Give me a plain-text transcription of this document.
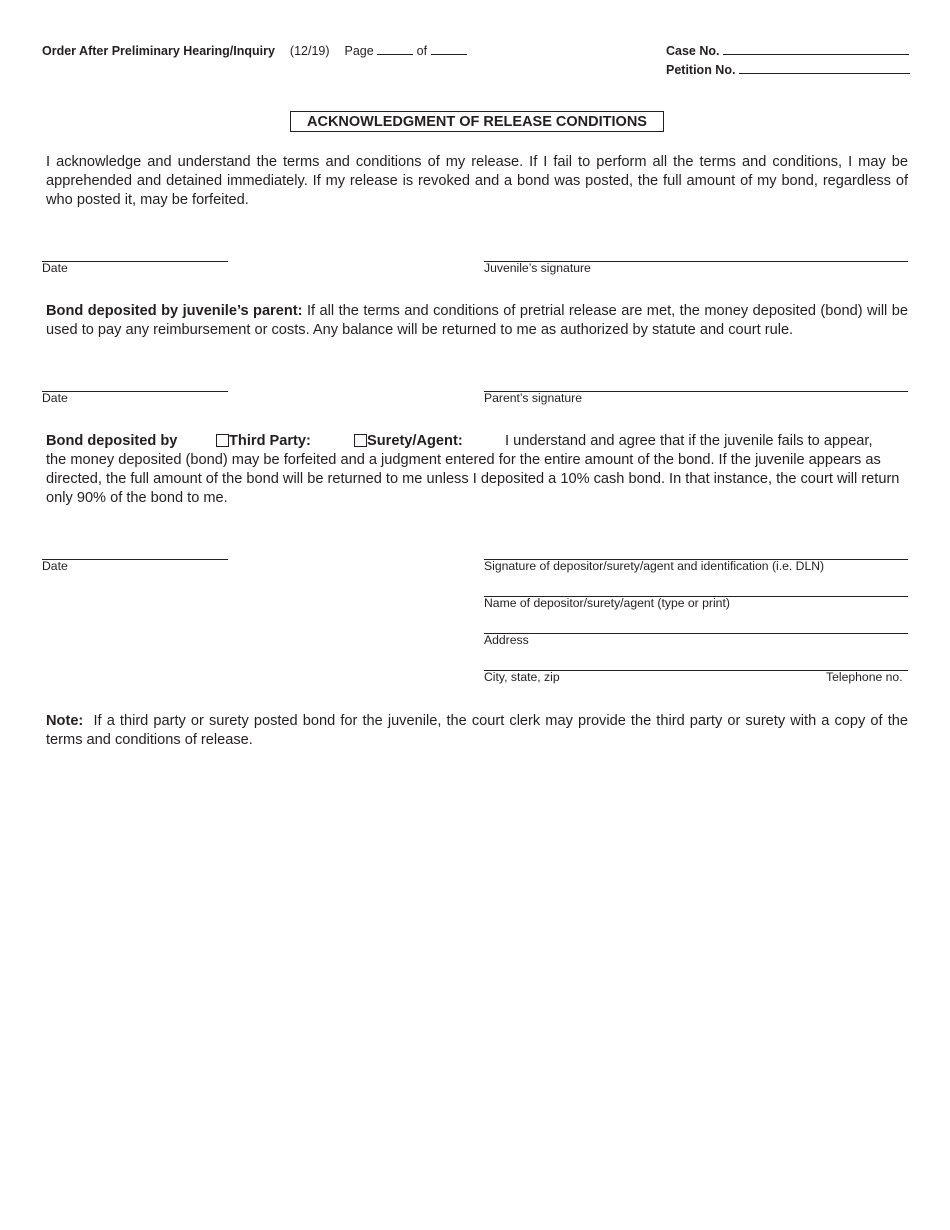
Order After Preliminary Hearing/Inquiry (12/19) Page	of	Case No.
Petition No.
ACKNOWLEDGMENT OF RELEASE CONDITIONS
I acknowledge and understand the terms and conditions of my release. If I fail to perform all the terms and conditions, I may be apprehended and detained immediately. If my release is revoked and a bond was posted, the full amount of my bond, regardless of who posted it, may be forfeited.
Date	Juvenile’s signature
Bond deposited by juvenile’s parent: If all the terms and conditions of pretrial release are met, the money deposited (bond) will be used to pay any reimbursement or costs. Any balance will be returned to me as authorized by statute and court rule.
Date	Parent’s signature
Bond deposited by	Third Party:	Surety/Agent:	I understand and agree that if the juvenile fails to appear,
the money deposited (bond) may be forfeited and a judgment entered for the entire amount of the bond. If the juvenile appears as directed, the full amount of the bond will be returned to me unless I deposited a 10% cash bond. In that instance, the court will return only 90% of the bond to me.
Date	Signature of depositor/surety/agent and identification (i.e. DLN)
Name of depositor/surety/agent (type or print)
Address
City, state, zip	Telephone no.
Note:  If a third party or surety posted bond for the juvenile, the court clerk may provide the third party or surety with a copy of the terms and conditions of release.
